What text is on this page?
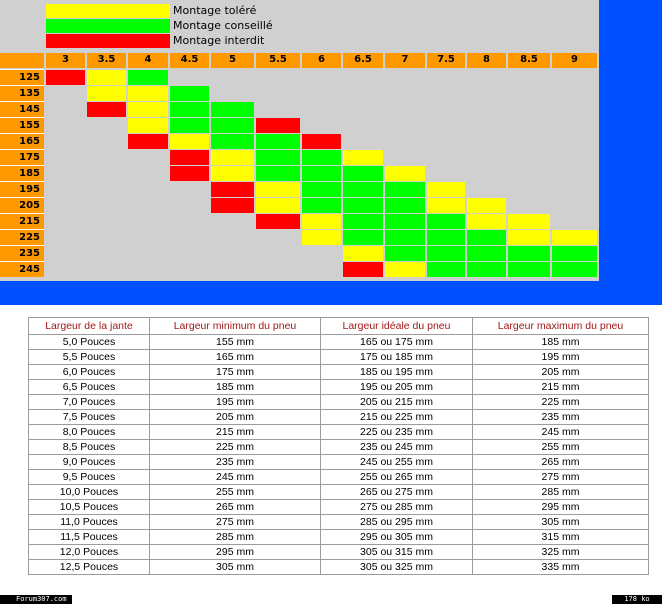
Montage toléré
Montage conseillé
Montage interdit
3	3.5	4	4.5	5	5.5	6	6.5	7	7.5	8	8.5	9
125
135
145
155
165
175
185
195
205
215
225
235
245
Largeur de la jante	Largeur minimum du pneu	Largeur idéale du pneu	Largeur maximum du pneu
5,0 Pouces	155 mm	165 ou 175 mm	185 mm
5,5 Pouces	165 mm	175 ou 185 mm	195 mm
6,0 Pouces	175 mm	185 ou 195 mm	205 mm
6,5 Pouces	185 mm	195 ou 205 mm	215 mm
7,0 Pouces	195 mm	205 ou 215 mm	225 mm
7,5 Pouces	205 mm	215 ou 225 mm	235 mm
8,0 Pouces	215 mm	225 ou 235 mm	245 mm
8,5 Pouces	225 mm	235 ou 245 mm	255 mm
9,0 Pouces	235 mm	245 ou 255 mm	265 mm
9,5 Pouces	245 mm	255 ou 265 mm	275 mm
10,0 Pouces	255 mm	265 ou 275 mm	285 mm
10,5 Pouces	265 mm	275 ou 285 mm	295 mm
11,0 Pouces	275 mm	285 ou 295 mm	305 mm
11,5 Pouces	285 mm	295 ou 305 mm	315 mm
12,0 Pouces	295 mm	305 ou 315 mm	325 mm
12,5 Pouces	305 mm	305 ou 325 mm	335 mm
Forum307.com	178 ko
